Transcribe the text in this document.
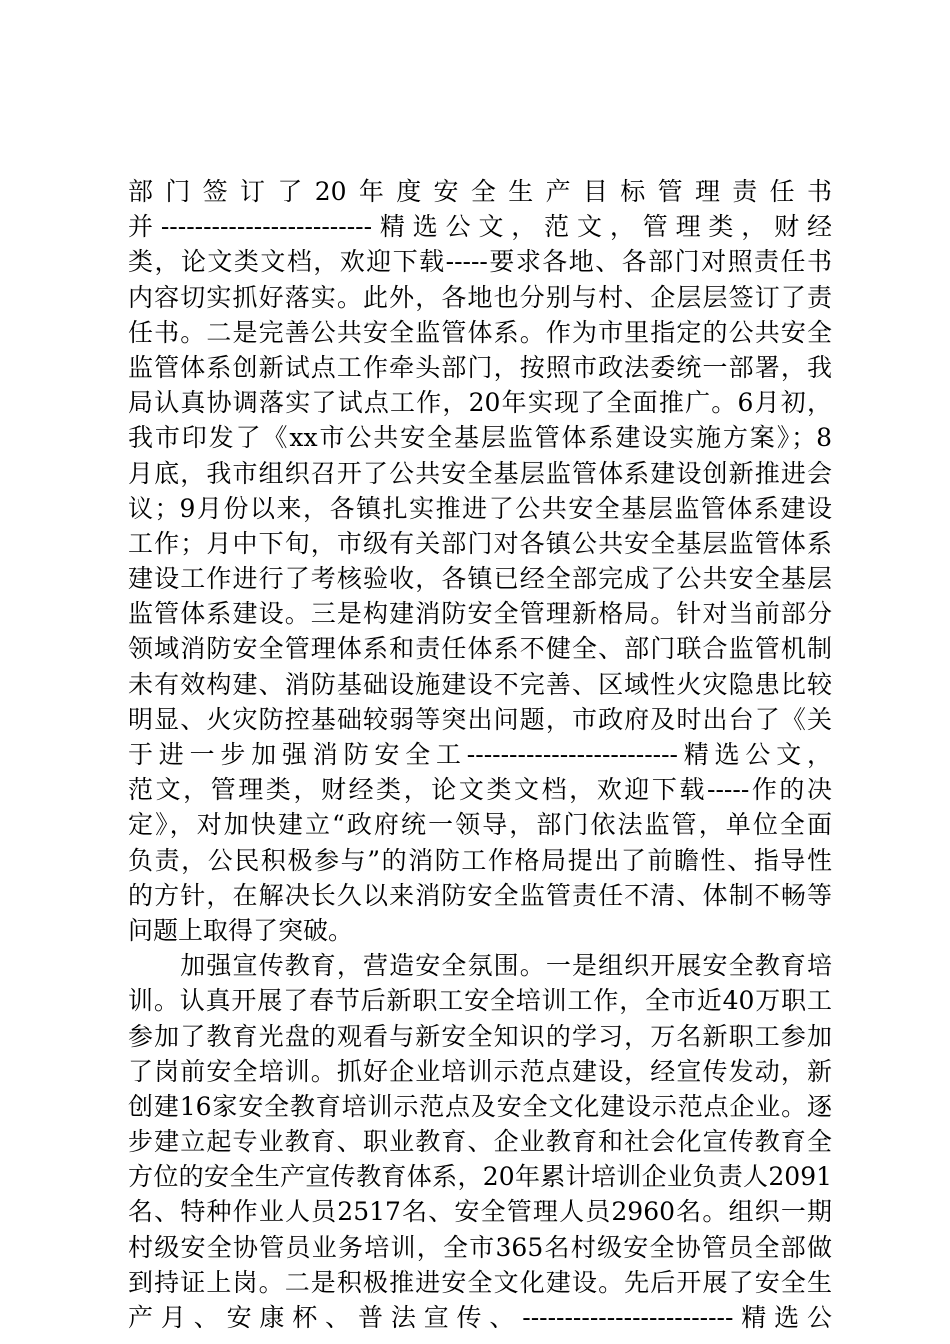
部门签订了20年度安全生产目标管理责任书
并-------------------------精选公文，范文，管理类，财经
类，论文类文档，欢迎下载-----要求各地、各部门对照责任书
内容切实抓好落实。此外，各地也分别与村、企层层签订了责
任书。二是完善公共安全监管体系。作为市里指定的公共安全
监管体系创新试点工作牵头部门，按照市政法委统一部署，我
局认真协调落实了试点工作，20年实现了全面推广。6月初，
我市印发了《xx市公共安全基层监管体系建设实施方案》；8
月底，我市组织召开了公共安全基层监管体系建设创新推进会
议；9月份以来，各镇扎实推进了公共安全基层监管体系建设
工作；月中下旬，市级有关部门对各镇公共安全基层监管体系
建设工作进行了考核验收，各镇已经全部完成了公共安全基层
监管体系建设。三是构建消防安全管理新格局。针对当前部分
领域消防安全管理体系和责任体系不健全、部门联合监管机制
未有效构建、消防基础设施建设不完善、区域性火灾隐患比较
明显、火灾防控基础较弱等突出问题，市政府及时出台了《关
于进一步加强消防安全工-------------------------精选公文，
范文，管理类，财经类，论文类文档，欢迎下载-----作的决
定》，对加快建立“政府统一领导，部门依法监管，单位全面
负责，公民积极参与”的消防工作格局提出了前瞻性、指导性
的方针，在解决长久以来消防安全监管责任不清、体制不畅等
问题上取得了突破。
　　加强宣传教育，营造安全氛围。一是组织开展安全教育培
训。认真开展了春节后新职工安全培训工作，全市近40万职工
参加了教育光盘的观看与新安全知识的学习，万名新职工参加
了岗前安全培训。抓好企业培训示范点建设，经宣传发动，新
创建16家安全教育培训示范点及安全文化建设示范点企业。逐
步建立起专业教育、职业教育、企业教育和社会化宣传教育全
方位的安全生产宣传教育体系，20年累计培训企业负责人2091
名、特种作业人员2517名、安全管理人员2960名。组织一期
村级安全协管员业务培训，全市365名村级安全协管员全部做
到持证上岗。二是积极推进安全文化建设。先后开展了安全生
产月、安康杯、普法宣传、-------------------------精选公
